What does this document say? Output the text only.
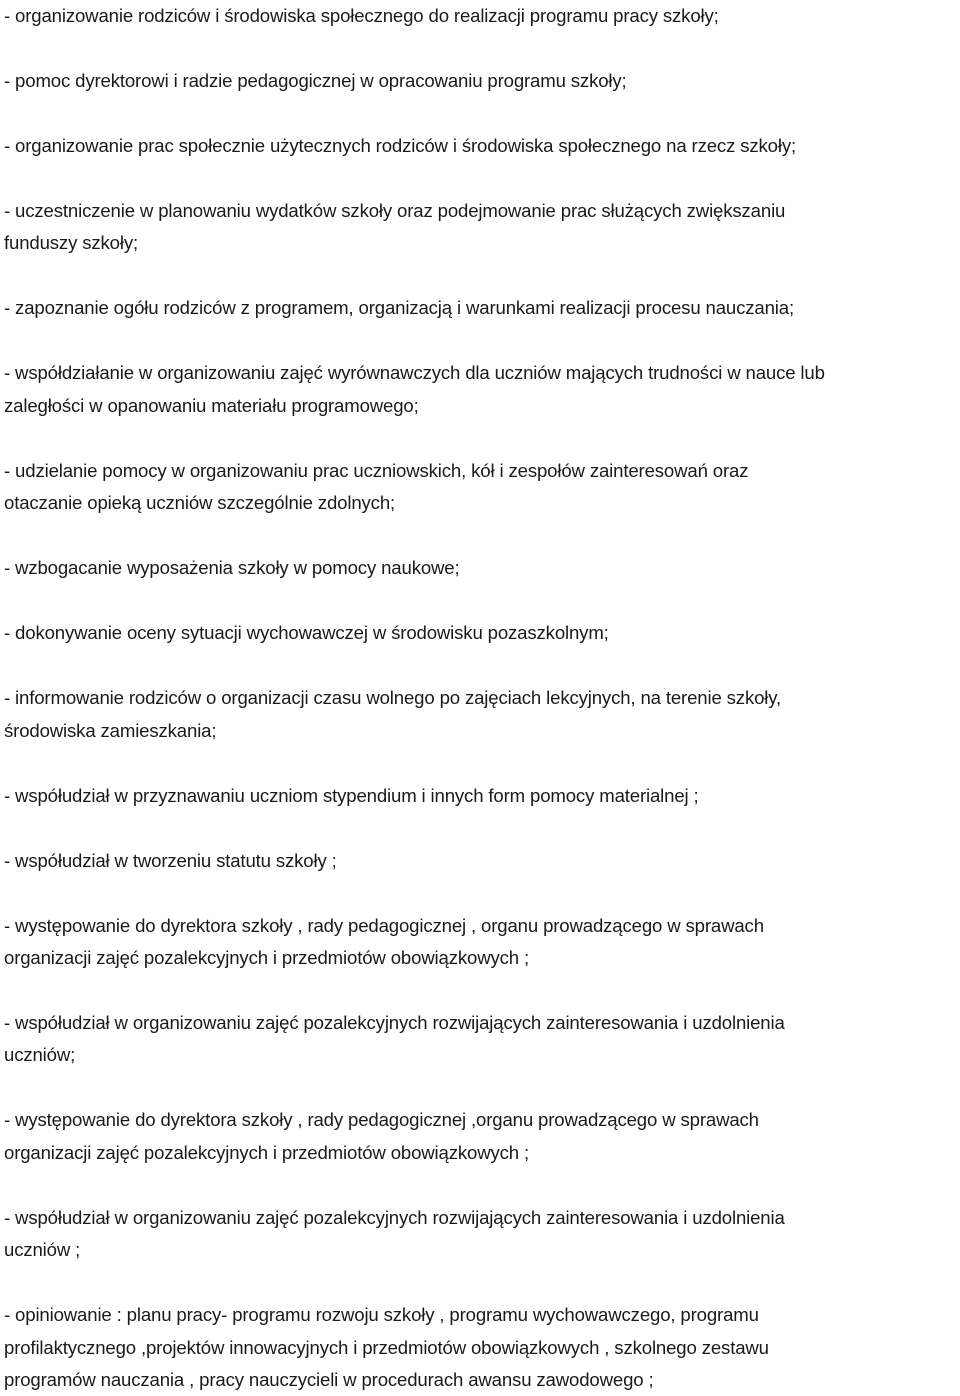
- organizowanie rodziców i środowiska społecznego do realizacji programu pracy szkoły;
- pomoc dyrektorowi i radzie pedagogicznej w opracowaniu programu szkoły;
- organizowanie prac społecznie użytecznych rodziców i środowiska społecznego na rzecz szkoły;
- uczestniczenie w planowaniu wydatków szkoły oraz podejmowanie prac służących zwiększaniu
funduszy szkoły;
- zapoznanie ogółu rodziców z programem, organizacją i warunkami realizacji procesu nauczania;
- współdziałanie w organizowaniu zajęć wyrównawczych dla uczniów mających trudności w nauce lub
zaległości w opanowaniu materiału programowego;
- udzielanie pomocy w organizowaniu prac uczniowskich, kół i zespołów zainteresowań oraz
otaczanie opieką uczniów szczególnie zdolnych;
- wzbogacanie wyposażenia szkoły w pomocy naukowe;
- dokonywanie oceny sytuacji wychowawczej w środowisku pozaszkolnym;
- informowanie rodziców o organizacji czasu wolnego po zajęciach lekcyjnych, na terenie szkoły,
środowiska zamieszkania;
- współudział w przyznawaniu uczniom stypendium i innych form pomocy materialnej ;
- współudział w tworzeniu statutu szkoły ;
- występowanie do dyrektora szkoły , rady pedagogicznej , organu prowadzącego w sprawach
organizacji zajęć pozalekcyjnych i przedmiotów obowiązkowych ;
- współudział w organizowaniu zajęć pozalekcyjnych rozwijających zainteresowania i uzdolnienia
uczniów;
- występowanie do dyrektora szkoły , rady pedagogicznej ,organu prowadzącego w sprawach
organizacji zajęć pozalekcyjnych i przedmiotów obowiązkowych ;
- współudział w organizowaniu zajęć pozalekcyjnych rozwijających zainteresowania i uzdolnienia
uczniów ;
- opiniowanie : planu pracy- programu rozwoju szkoły , programu wychowawczego, programu
profilaktycznego ,projektów innowacyjnych i przedmiotów obowiązkowych , szkolnego zestawu
programów nauczania , pracy nauczycieli w procedurach awansu zawodowego ;
